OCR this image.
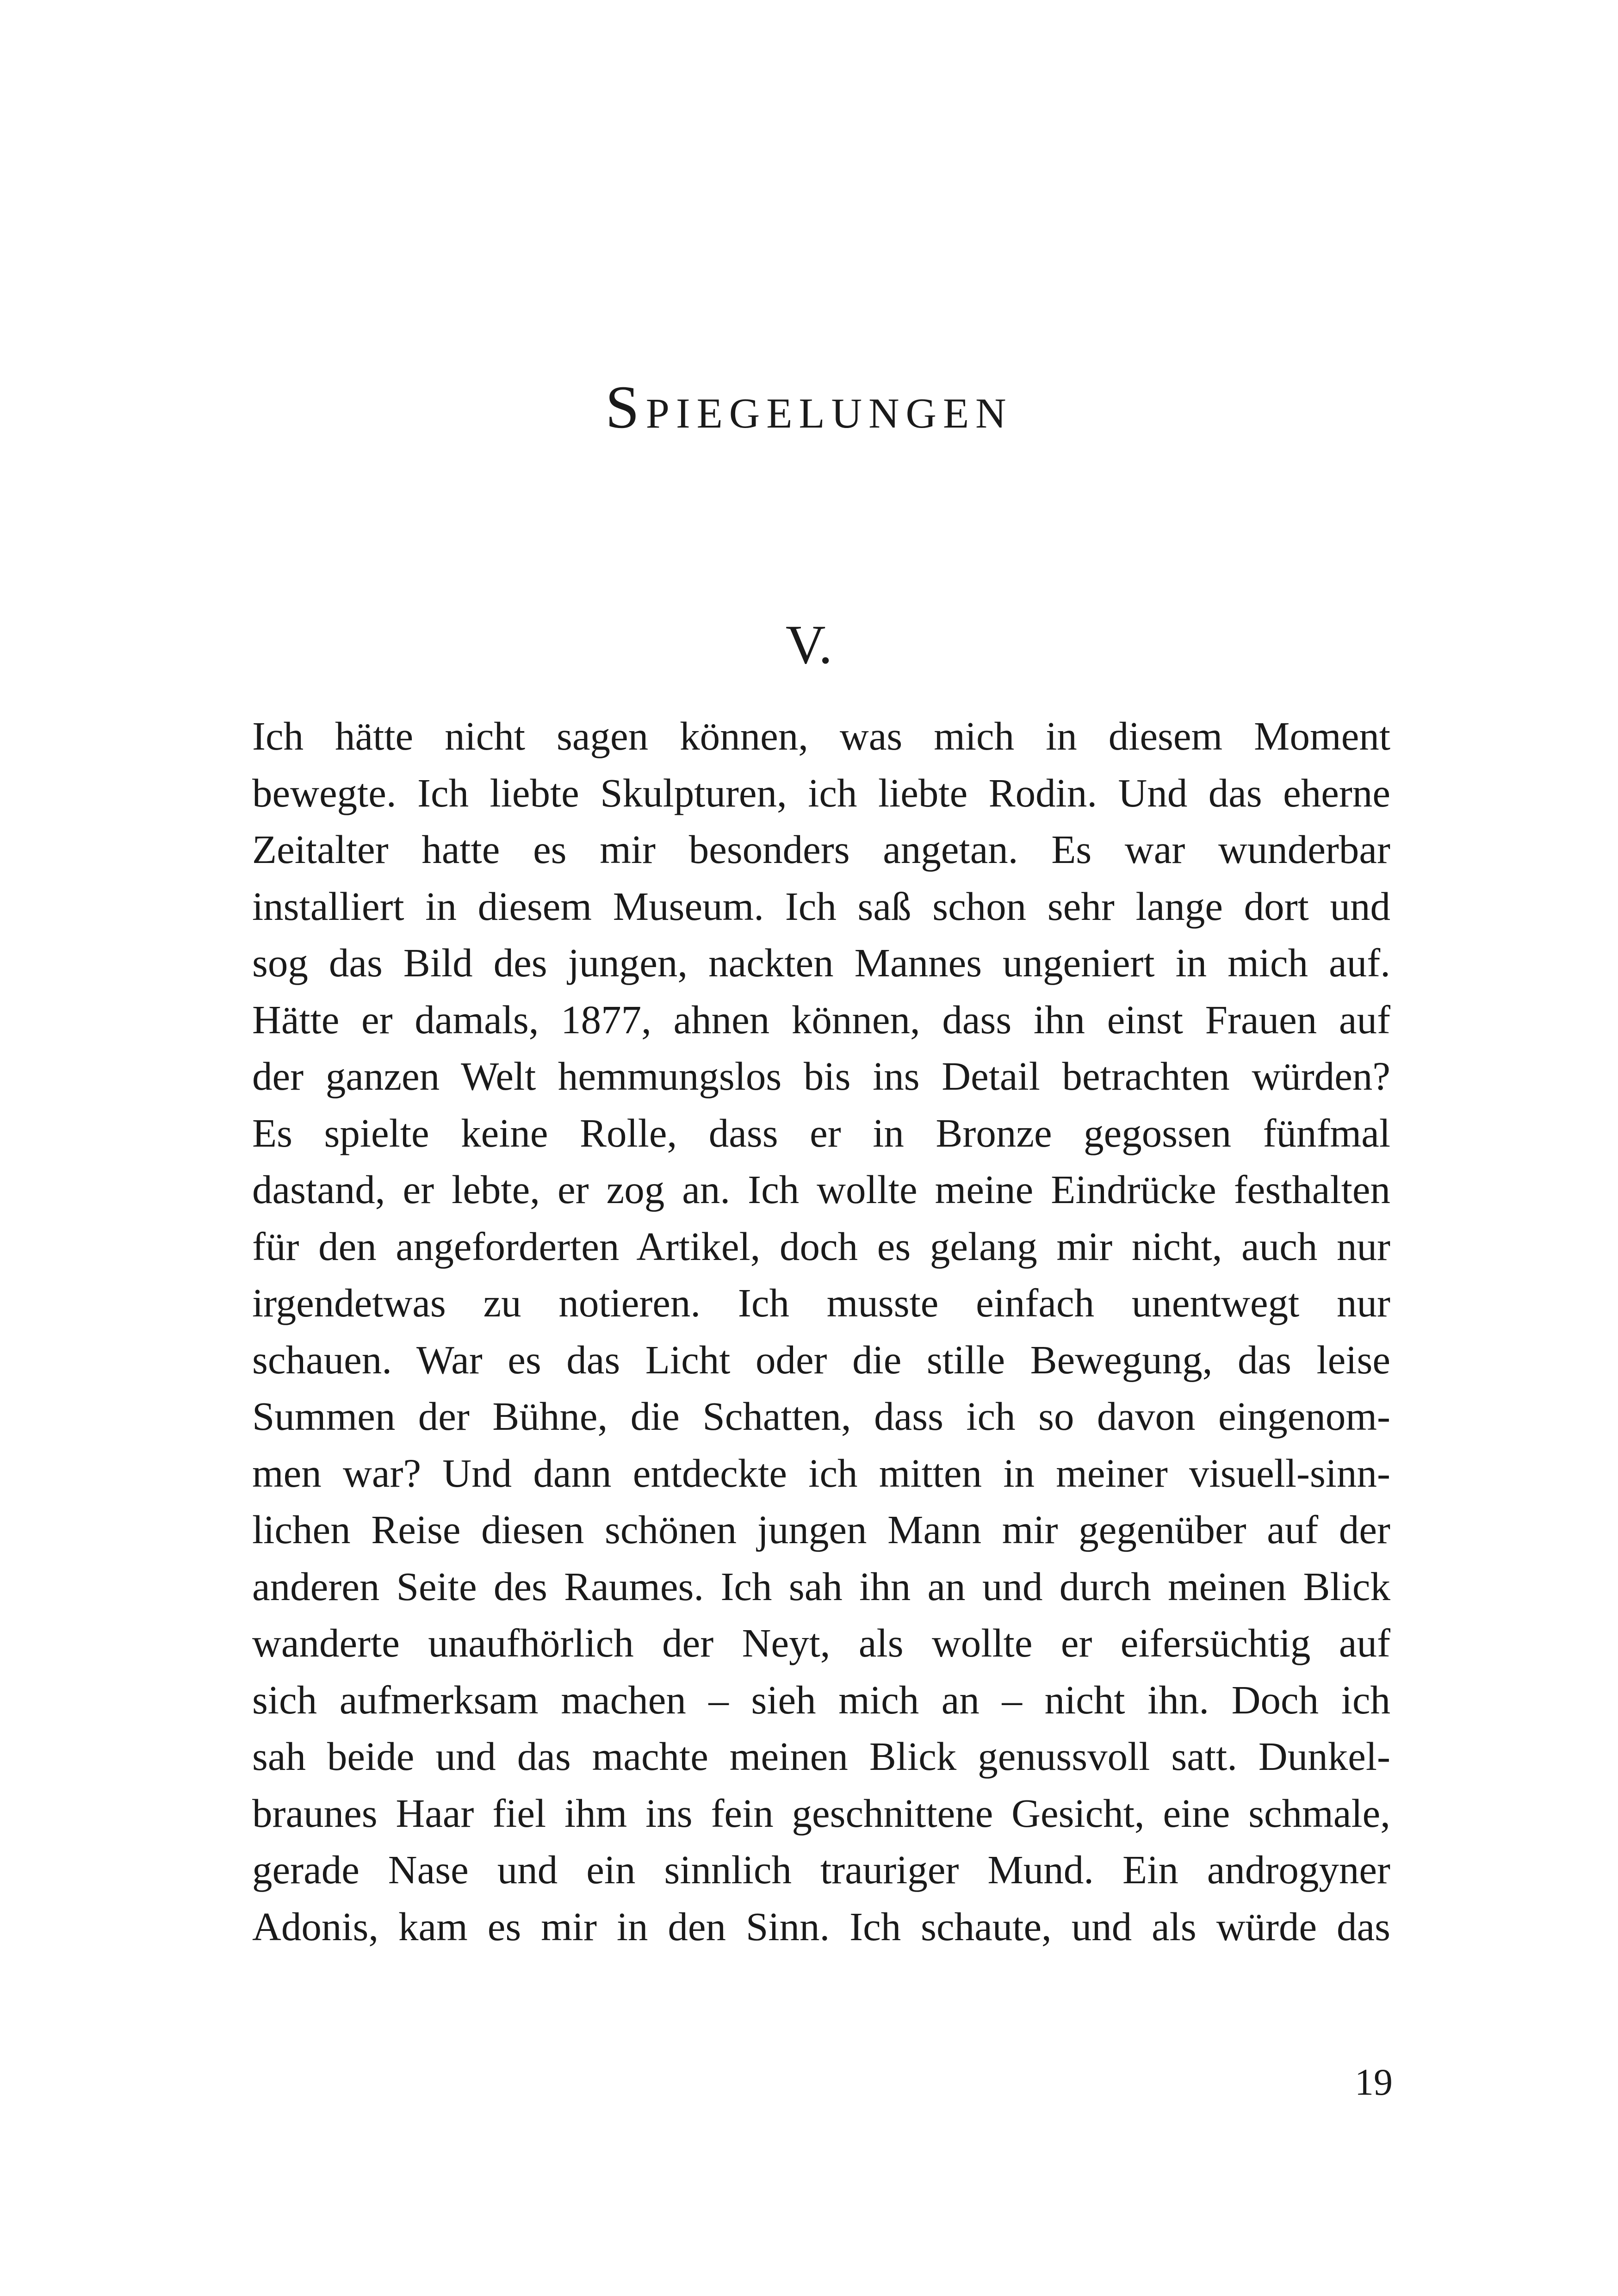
Spiegelungen
V.
Ich hätte nicht sagen können, was mich in diesem Moment
bewegte. Ich liebte Skulpturen, ich liebte Rodin. Und das eherne
Zeitalter hatte es mir besonders angetan. Es war wunderbar
installiert in diesem Museum. Ich saß schon sehr lange dort und
sog das Bild des jungen, nackten Mannes ungeniert in mich auf.
Hätte er damals, 1877, ahnen können, dass ihn einst Frauen auf
der ganzen Welt hemmungslos bis ins Detail betrachten würden?
Es spielte keine Rolle, dass er in Bronze gegossen fünfmal
dastand, er lebte, er zog an. Ich wollte meine Eindrücke festhalten
für den angeforderten Artikel, doch es gelang mir nicht, auch nur
irgendetwas zu notieren. Ich musste einfach unentwegt nur
schauen. War es das Licht oder die stille Bewegung, das leise
Summen der Bühne, die Schatten, dass ich so davon eingenom-
men war? Und dann entdeckte ich mitten in meiner visuell-sinn-
lichen Reise diesen schönen jungen Mann mir gegenüber auf der
anderen Seite des Raumes. Ich sah ihn an und durch meinen Blick
wanderte unaufhörlich der Neyt, als wollte er eifersüchtig auf
sich aufmerksam machen – sieh mich an – nicht ihn. Doch ich
sah beide und das machte meinen Blick genussvoll satt. Dunkel-
braunes Haar fiel ihm ins fein geschnittene Gesicht, eine schmale,
gerade Nase und ein sinnlich trauriger Mund. Ein androgyner
Adonis, kam es mir in den Sinn. Ich schaute, und als würde das
19
